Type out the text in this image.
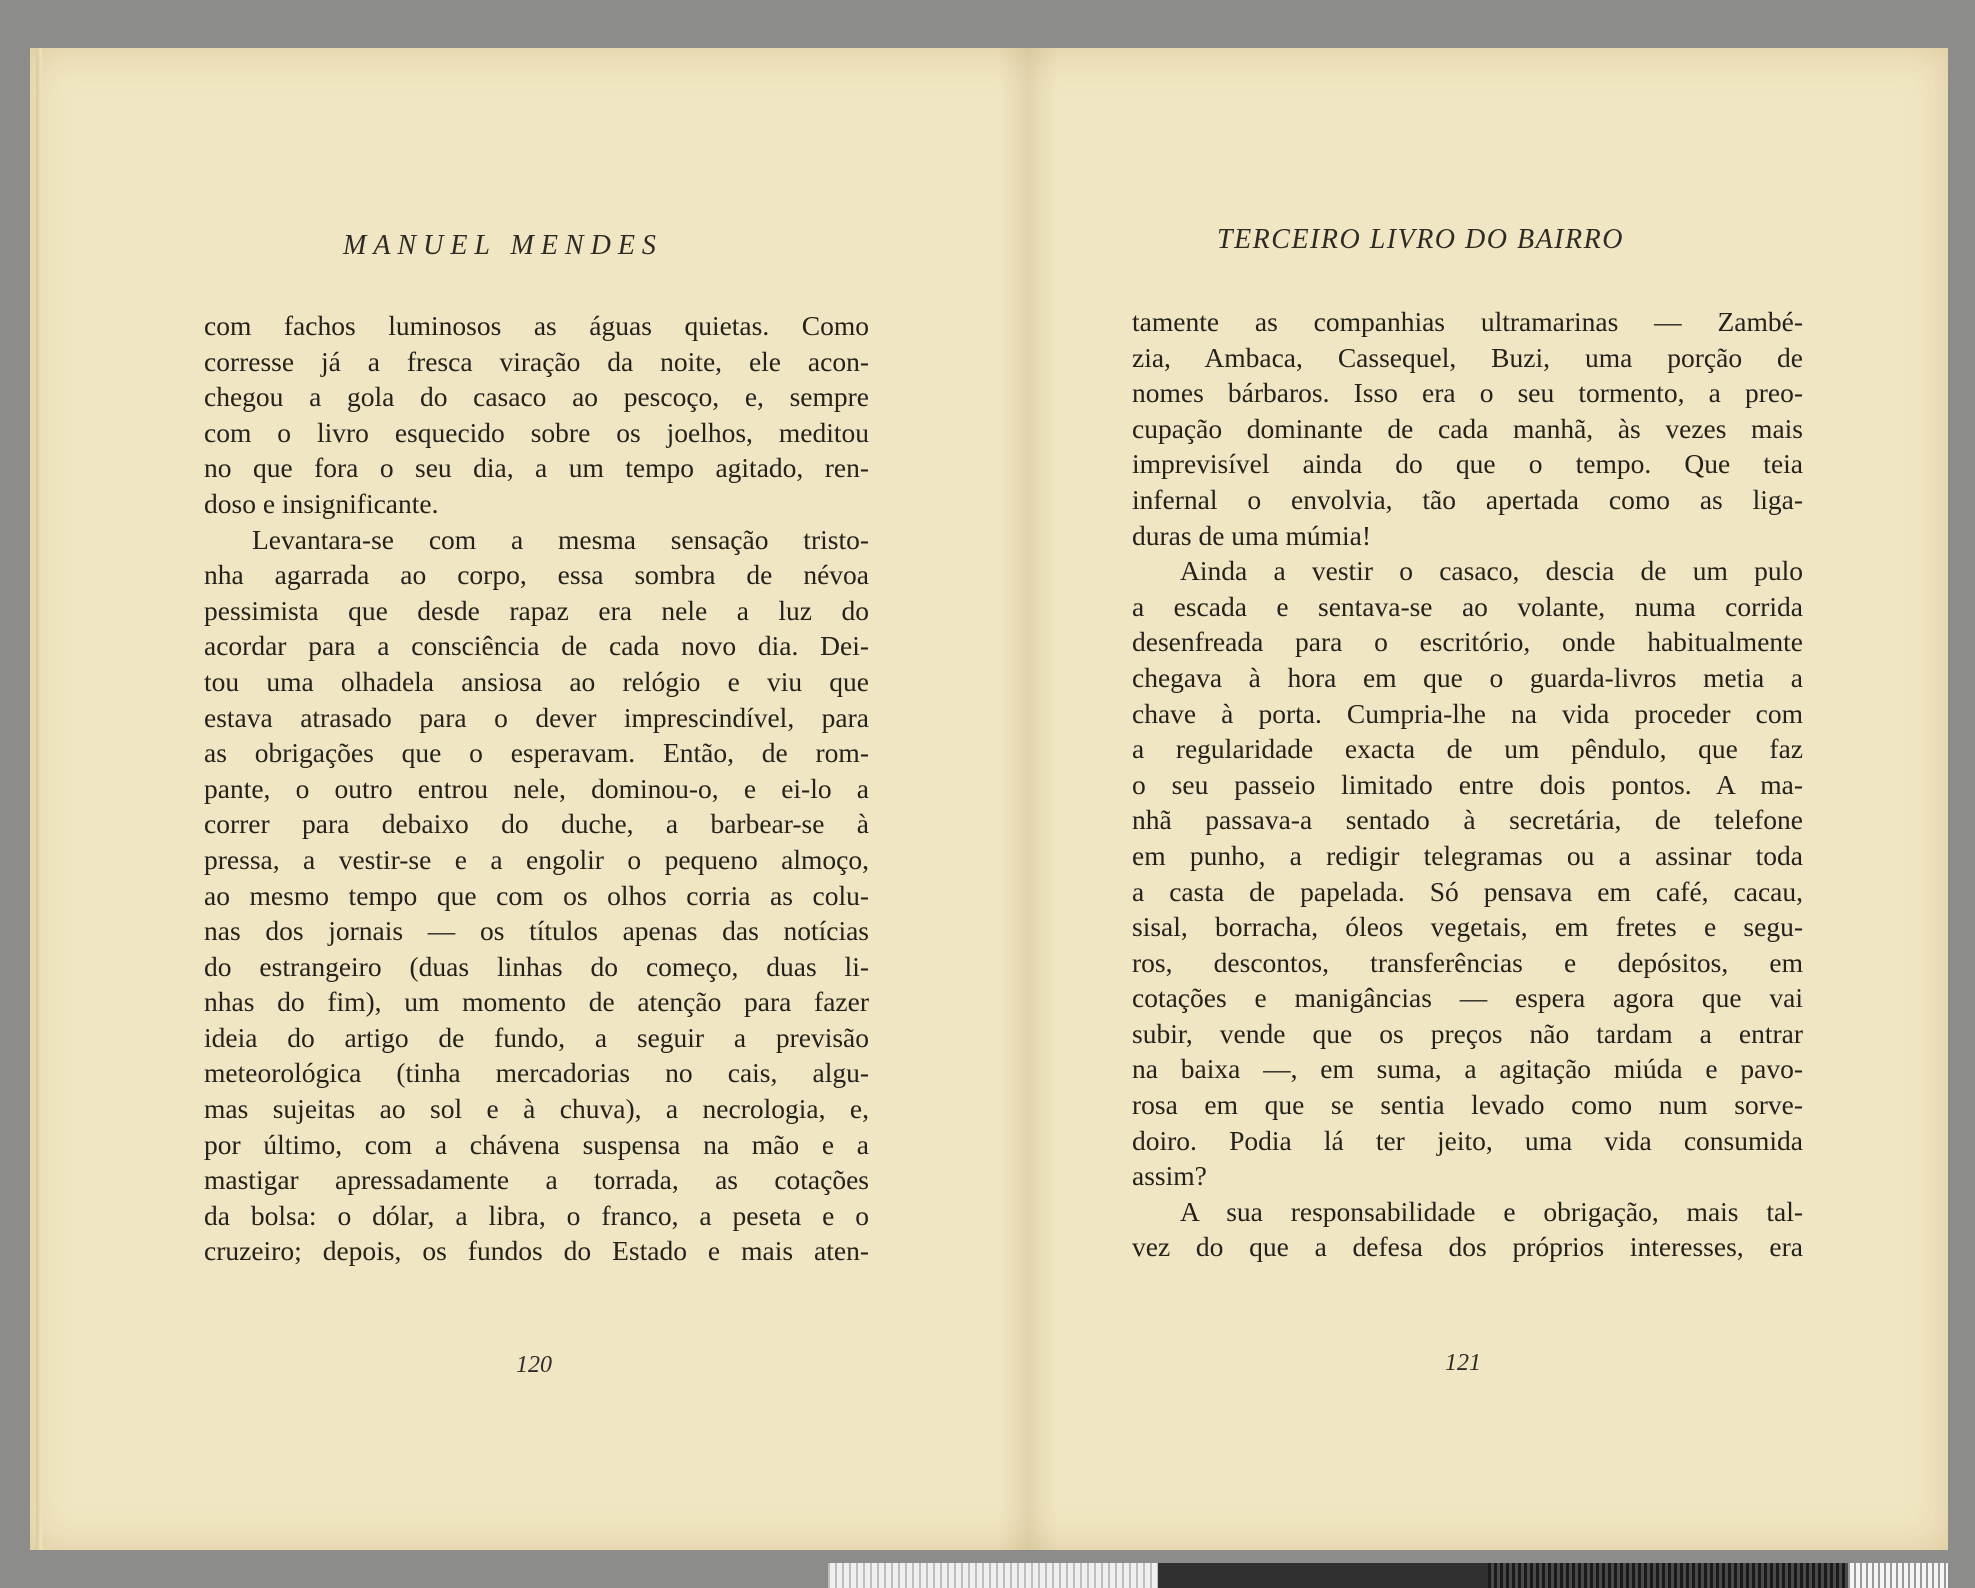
MANUEL MENDES
com fachos luminosos as águas quietas. Como
corresse já a fresca viração da noite, ele acon-
chegou a gola do casaco ao pescoço, e, sempre
com o livro esquecido sobre os joelhos, meditou
no que fora o seu dia, a um tempo agitado, ren-
doso e insignificante.
Levantara-se com a mesma sensação tristo-
nha agarrada ao corpo, essa sombra de névoa
pessimista que desde rapaz era nele a luz do
acordar para a consciência de cada novo dia. Dei-
tou uma olhadela ansiosa ao relógio e viu que
estava atrasado para o dever imprescindível, para
as obrigações que o esperavam. Então, de rom-
pante, o outro entrou nele, dominou-o, e ei-lo a
correr para debaixo do duche, a barbear-se à
pressa, a vestir-se e a engolir o pequeno almoço,
ao mesmo tempo que com os olhos corria as colu-
nas dos jornais — os títulos apenas das notícias
do estrangeiro (duas linhas do começo, duas li-
nhas do fim), um momento de atenção para fazer
ideia do artigo de fundo, a seguir a previsão
meteorológica (tinha mercadorias no cais, algu-
mas sujeitas ao sol e à chuva), a necrologia, e,
por último, com a chávena suspensa na mão e a
mastigar apressadamente a torrada, as cotações
da bolsa: o dólar, a libra, o franco, a peseta e o
cruzeiro; depois, os fundos do Estado e mais aten-
120
TERCEIRO LIVRO DO BAIRRO
tamente as companhias ultramarinas — Zambé-
zia, Ambaca, Cassequel, Buzi, uma porção de
nomes bárbaros. Isso era o seu tormento, a preo-
cupação dominante de cada manhã, às vezes mais
imprevisível ainda do que o tempo. Que teia
infernal o envolvia, tão apertada como as liga-
duras de uma múmia!
Ainda a vestir o casaco, descia de um pulo
a escada e sentava-se ao volante, numa corrida
desenfreada para o escritório, onde habitualmente
chegava à hora em que o guarda-livros metia a
chave à porta. Cumpria-lhe na vida proceder com
a regularidade exacta de um pêndulo, que faz
o seu passeio limitado entre dois pontos. A ma-
nhã passava-a sentado à secretária, de telefone
em punho, a redigir telegramas ou a assinar toda
a casta de papelada. Só pensava em café, cacau,
sisal, borracha, óleos vegetais, em fretes e segu-
ros, descontos, transferências e depósitos, em
cotações e manigâncias — espera agora que vai
subir, vende que os preços não tardam a entrar
na baixa —, em suma, a agitação miúda e pavo-
rosa em que se sentia levado como num sorve-
doiro. Podia lá ter jeito, uma vida consumida
assim?
A sua responsabilidade e obrigação, mais tal-
vez do que a defesa dos próprios interesses, era
121
